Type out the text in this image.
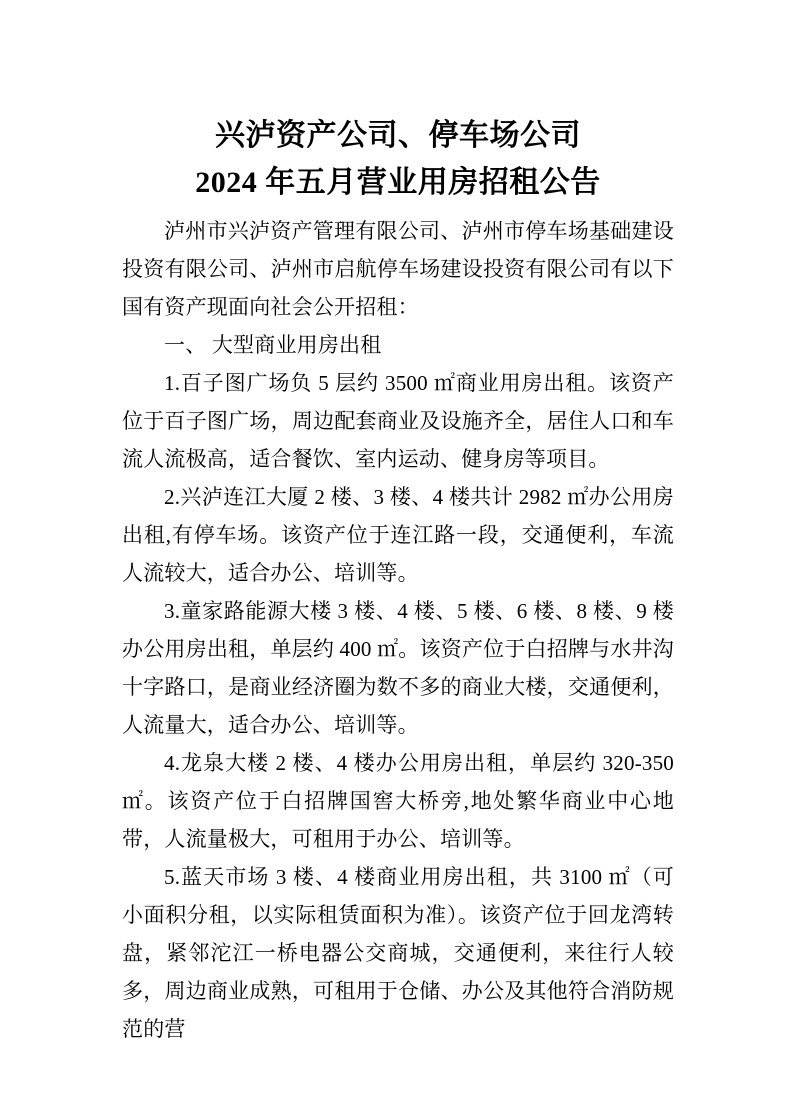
兴泸资产公司、停车场公司
2024 年五月营业用房招租公告

泸州市兴泸资产管理有限公司、泸州市停车场基础建设投资有限公司、泸州市启航停车场建设投资有限公司有以下国有资产现面向社会公开招租：

一、 大型商业用房出租

1.百子图广场负 5 层约 3500 ㎡商业用房出租。该资产位于百子图广场，周边配套商业及设施齐全，居住人口和车流人流极高，适合餐饮、室内运动、健身房等项目。

2.兴泸连江大厦 2 楼、3 楼、4 楼共计 2982 ㎡办公用房出租,有停车场。该资产位于连江路一段，交通便利，车流人流较大，适合办公、培训等。

3.童家路能源大楼 3 楼、4 楼、5 楼、6 楼、8 楼、9 楼办公用房出租，单层约 400 ㎡。该资产位于白招牌与水井沟十字路口，是商业经济圈为数不多的商业大楼，交通便利，人流量大，适合办公、培训等。

4.龙泉大楼 2 楼、4 楼办公用房出租，单层约 320-350 ㎡。该资产位于白招牌国窖大桥旁,地处繁华商业中心地带，人流量极大，可租用于办公、培训等。

5.蓝天市场 3 楼、4 楼商业用房出租，共 3100 ㎡（可小面积分租，以实际租赁面积为准）。该资产位于回龙湾转盘，紧邻沱江一桥电器公交商城，交通便利，来往行人较多，周边商业成熟，可租用于仓储、办公及其他符合消防规范的营
